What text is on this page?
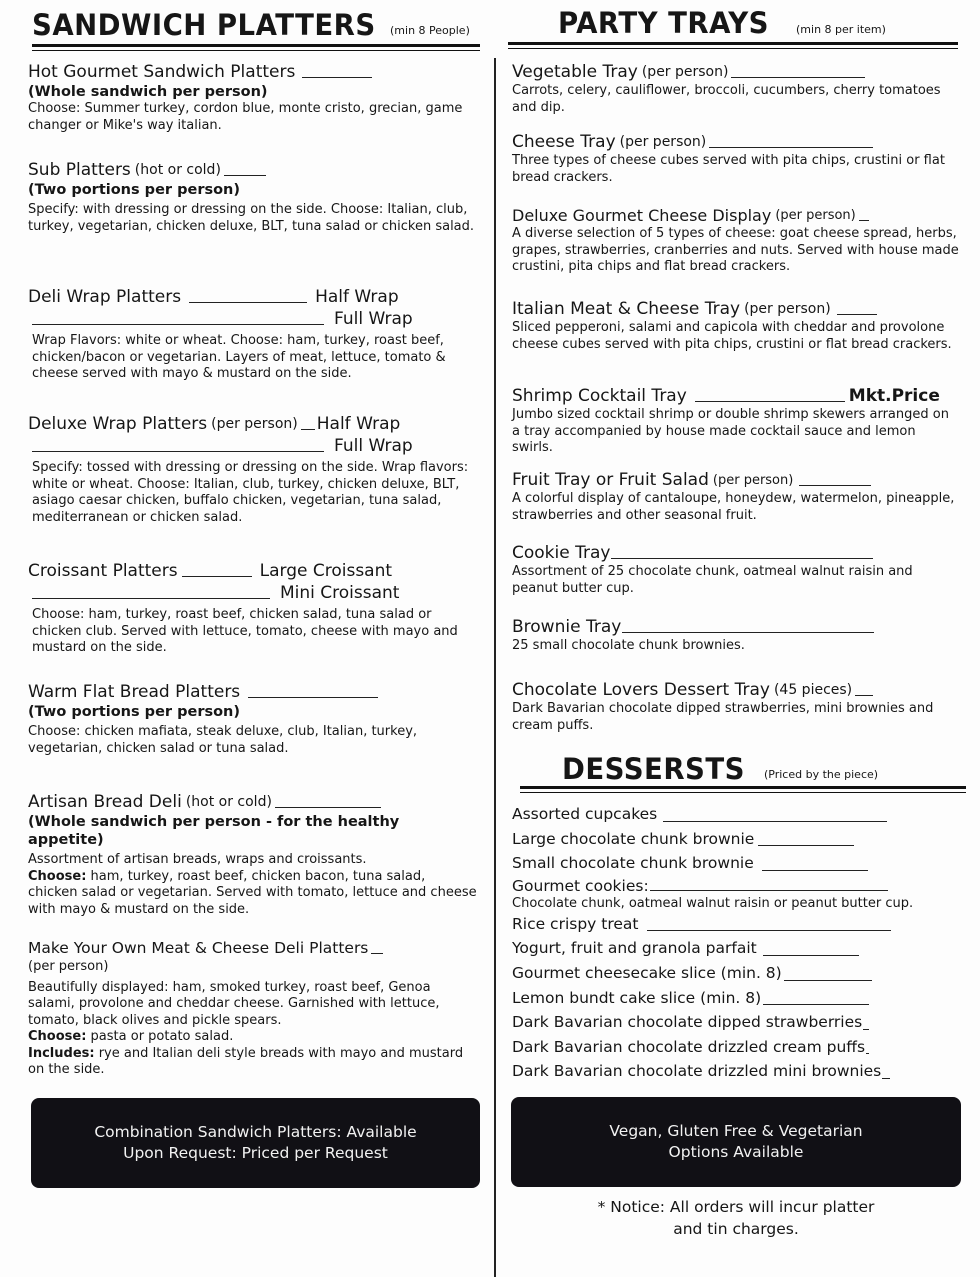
SANDWICH PLATTERS (min 8 People)
Hot Gourmet Sandwich Platters
(Whole sandwich per person)
Choose: Summer turkey, cordon blue, monte cristo, grecian, game changer or Mike's way italian.
Sub Platters (hot or cold)
(Two portions per person)
Specify: with dressing or dressing on the side. Choose: Italian, club, turkey, vegetarian, chicken deluxe, BLT, tuna salad or chicken salad.
Deli Wrap Platters	Half Wrap
Full Wrap
Wrap Flavors: white or wheat. Choose: ham, turkey, roast beef, chicken/bacon or vegetarian. Layers of meat, lettuce, tomato & cheese served with mayo & mustard on the side.
Deluxe Wrap Platters (per person) Half Wrap
Full Wrap
Specify: tossed with dressing or dressing on the side. Wrap flavors: white or wheat. Choose: Italian, club, turkey, chicken deluxe, BLT, asiago caesar chicken, buffalo chicken, vegetarian, tuna salad, mediterranean or chicken salad.
Croissant Platters	Large Croissant
Mini Croissant
Choose: ham, turkey, roast beef, chicken salad, tuna salad or chicken club. Served with lettuce, tomato, cheese with mayo and mustard on the side.
Warm Flat Bread Platters
(Two portions per person)
Choose: chicken mafiata, steak deluxe, club, Italian, turkey, vegetarian, chicken salad or tuna salad.
Artisan Bread Deli (hot or cold)
(Whole sandwich per person - for the healthy appetite)
Assortment of artisan breads, wraps and croissants.
Choose: ham, turkey, roast beef, chicken bacon, tuna salad, chicken salad or vegetarian. Served with tomato, lettuce and cheese with mayo & mustard on the side.
Make Your Own Meat & Cheese Deli Platters
(per person)
Beautifully displayed: ham, smoked turkey, roast beef, Genoa salami, provolone and cheddar cheese. Garnished with lettuce, tomato, black olives and pickle spears.
Choose: pasta or potato salad.
Includes: rye and Italian deli style breads with mayo and mustard on the side.
Combination Sandwich Platters: Available
Upon Request: Priced per Request
PARTY TRAYS (min 8 per item)
Vegetable Tray (per person)
Carrots, celery, cauliflower, broccoli, cucumbers, cherry tomatoes and dip.
Cheese Tray (per person)
Three types of cheese cubes served with pita chips, crustini or flat bread crackers.
Deluxe Gourmet Cheese Display (per person)
A diverse selection of 5 types of cheese: goat cheese spread, herbs, grapes, strawberries, cranberries and nuts. Served with house made crustini, pita chips and flat bread crackers.
Italian Meat & Cheese Tray (per person)
Sliced pepperoni, salami and capicola with cheddar and provolone cheese cubes served with pita chips, crustini or flat bread crackers.
Shrimp Cocktail Tray	Mkt.Price
Jumbo sized cocktail shrimp or double shrimp skewers arranged on a tray accompanied by house made cocktail sauce and lemon swirls.
Fruit Tray or Fruit Salad (per person)
A colorful display of cantaloupe, honeydew, watermelon, pineapple, strawberries and other seasonal fruit.
Cookie Tray
Assortment of 25 chocolate chunk, oatmeal walnut raisin and peanut butter cup.
Brownie Tray
25 small chocolate chunk brownies.
Chocolate Lovers Dessert Tray (45 pieces)
Dark Bavarian chocolate dipped strawberries, mini brownies and cream puffs.
DESSERSTS (Priced by the piece)
Assorted cupcakes
Large chocolate chunk brownie
Small chocolate chunk brownie
Gourmet cookies:
Chocolate chunk, oatmeal walnut raisin or peanut butter cup.
Rice crispy treat
Yogurt, fruit and granola parfait
Gourmet cheesecake slice (min. 8)
Lemon bundt cake slice (min. 8)
Dark Bavarian chocolate dipped strawberries
Dark Bavarian chocolate drizzled cream puffs
Dark Bavarian chocolate drizzled mini brownies
Vegan, Gluten Free & Vegetarian
Options Available
* Notice: All orders will incur platter
and tin charges.
